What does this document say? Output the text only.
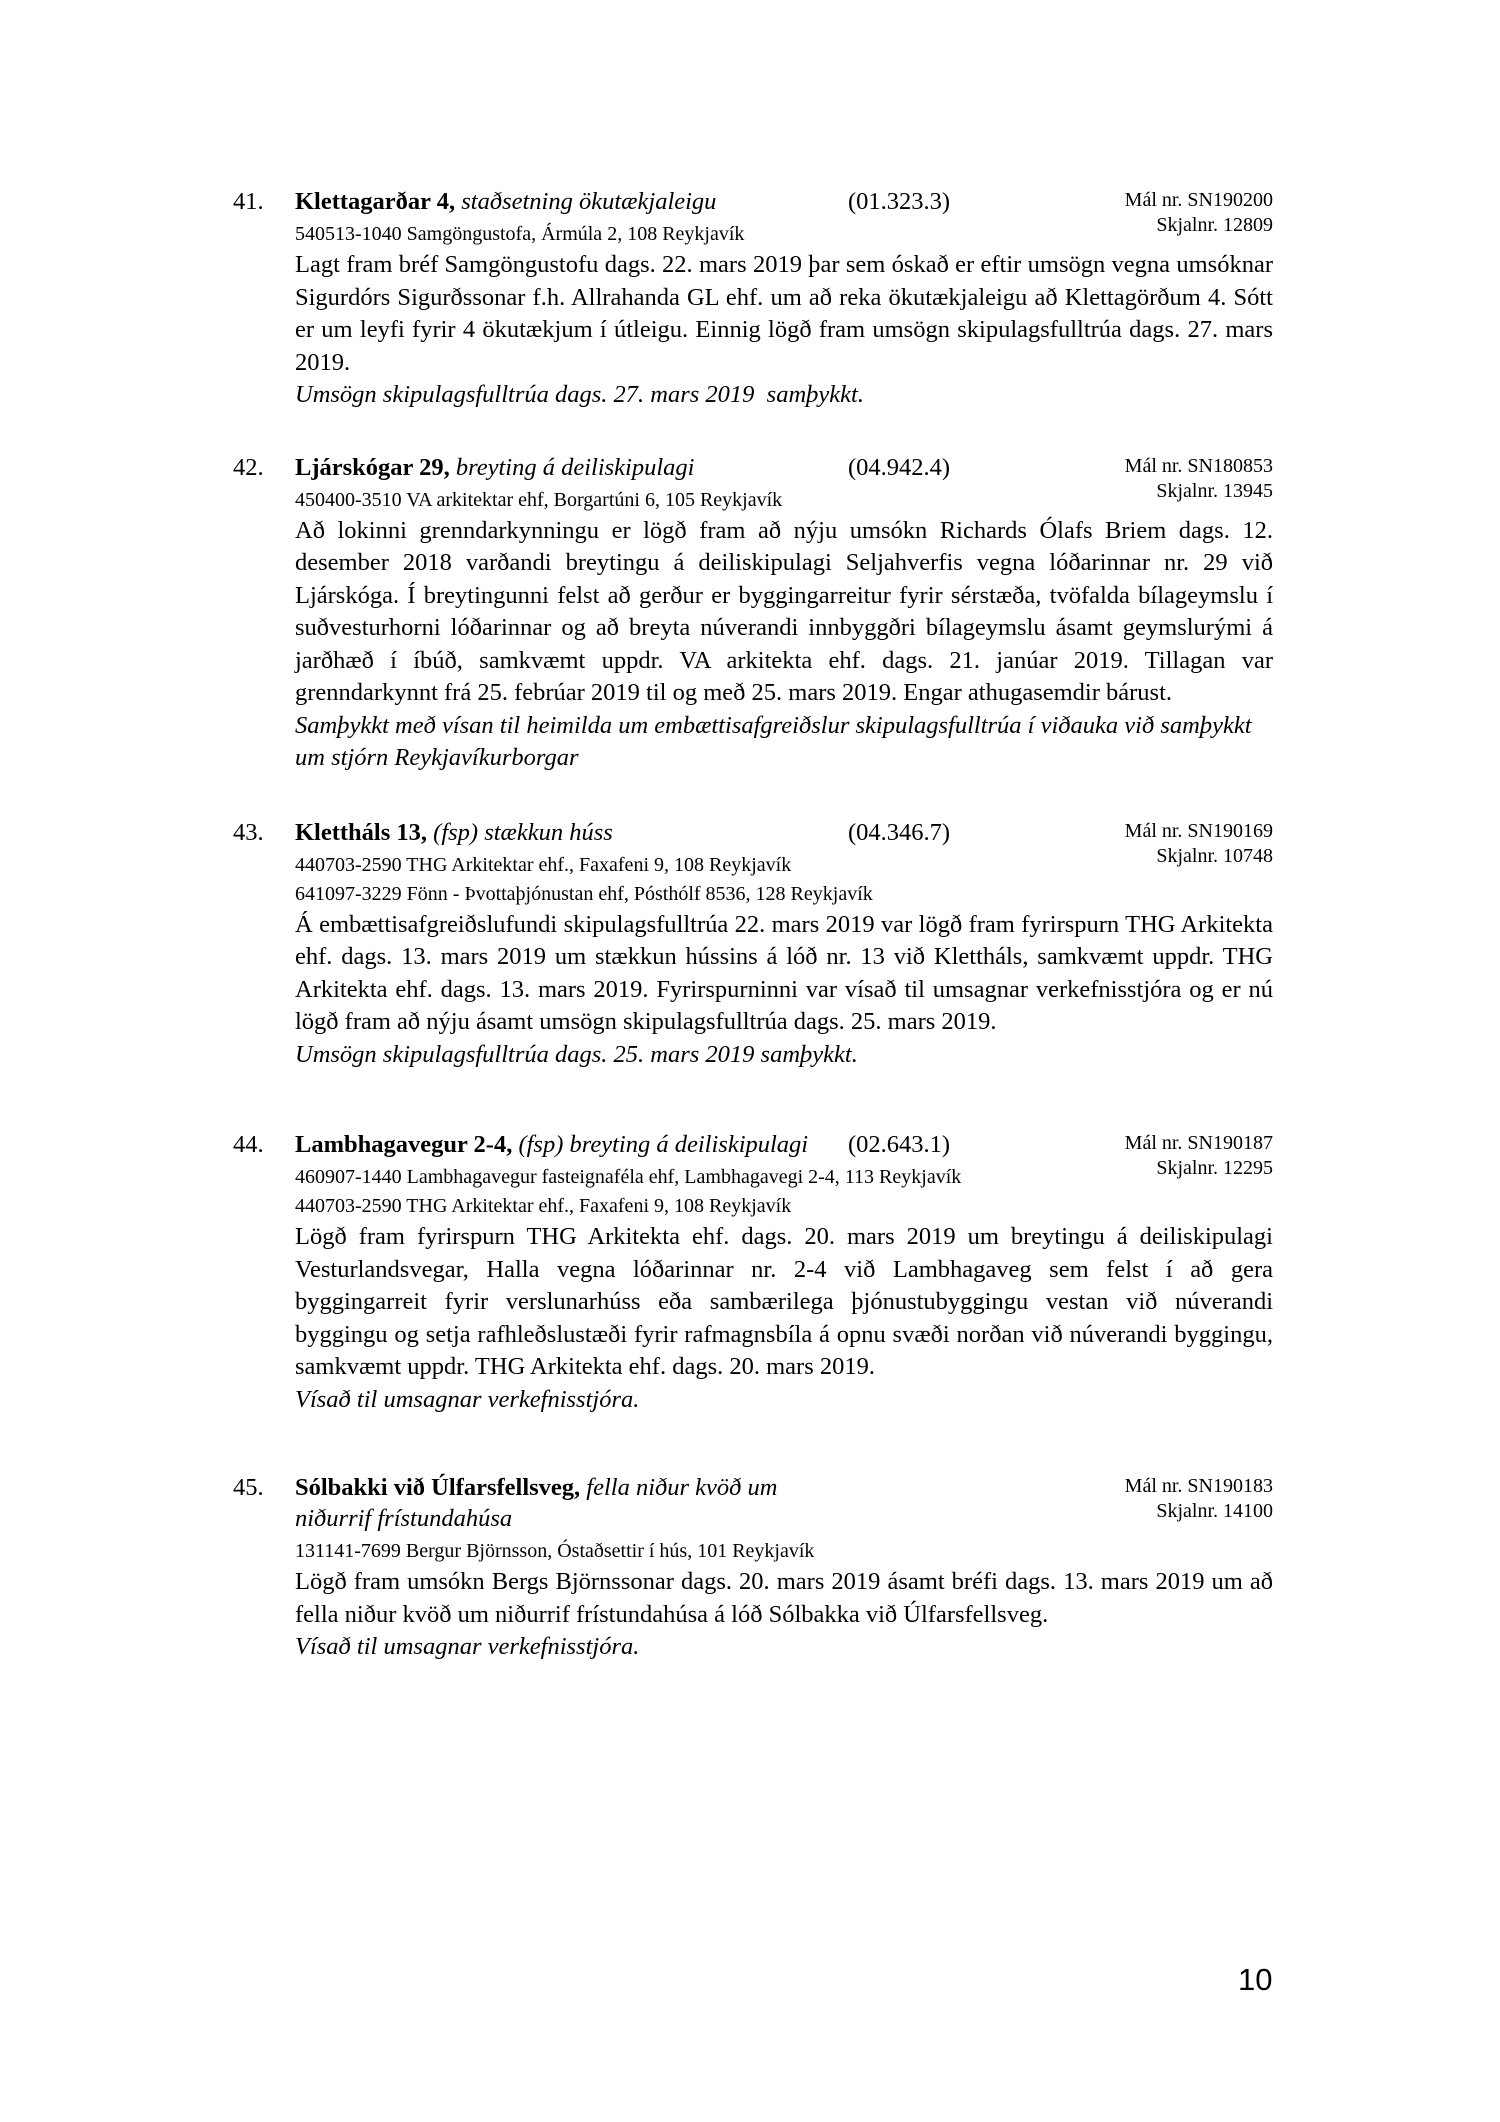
41. Klettagarðar 4, staðsetning ökutækjaleigu	(01.323.3)	Mál nr. SN190200
Skjalnr. 12809
540513-1040 Samgöngustofa, Ármúla 2, 108 Reykjavík

Lagt fram bréf Samgöngustofu dags. 22. mars 2019 þar sem óskað er eftir umsögn vegna umsóknar Sigurdórs Sigurðssonar f.h. Allrahanda GL ehf. um að reka ökutækjaleigu að Klettagörðum 4. Sótt er um leyfi fyrir 4 ökutækjum í útleigu. Einnig lögð fram umsögn skipulagsfulltrúa dags. 27. mars 2019.

Umsögn skipulagsfulltrúa dags. 27. mars 2019  samþykkt.

42. Ljárskógar 29, breyting á deiliskipulagi	(04.942.4)	Mál nr. SN180853
Skjalnr. 13945
450400-3510 VA arkitektar ehf, Borgartúni 6, 105 Reykjavík

Að lokinni grenndarkynningu er lögð fram að nýju umsókn Richards Ólafs Briem dags. 12. desember 2018 varðandi breytingu á deiliskipulagi Seljahverfis vegna lóðarinnar nr. 29 við Ljárskóga. Í breytingunni felst að gerður er byggingarreitur fyrir sérstæða, tvöfalda bílageymslu í suðvesturhorni lóðarinnar og að breyta núverandi innbyggðri bílageymslu ásamt geymslurými á jarðhæð í íbúð, samkvæmt uppdr. VA arkitekta ehf. dags. 21. janúar 2019. Tillagan var grenndarkynnt frá 25. febrúar 2019 til og með 25. mars 2019. Engar athugasemdir bárust.

Samþykkt með vísan til heimilda um embættisafgreiðslur skipulagsfulltrúa í viðauka við samþykkt um stjórn Reykjavíkurborgar

43. Klettháls 13, (fsp) stækkun húss	(04.346.7)	Mál nr. SN190169
Skjalnr. 10748
440703-2590 THG Arkitektar ehf., Faxafeni 9, 108 Reykjavík
641097-3229 Fönn - Þvottaþjónustan ehf, Pósthólf 8536, 128 Reykjavík

Á embættisafgreiðslufundi skipulagsfulltrúa 22. mars 2019 var lögð fram fyrirspurn THG Arkitekta ehf. dags. 13. mars 2019 um stækkun hússins á lóð nr. 13 við Klettháls, samkvæmt uppdr. THG Arkitekta ehf. dags. 13. mars 2019. Fyrirspurninni var vísað til umsagnar verkefnisstjóra og er nú lögð fram að nýju ásamt umsögn skipulagsfulltrúa dags. 25. mars 2019.

Umsögn skipulagsfulltrúa dags. 25. mars 2019 samþykkt.

44. Lambhagavegur 2-4, (fsp) breyting á deiliskipulagi	(02.643.1)	Mál nr. SN190187
Skjalnr. 12295
460907-1440 Lambhagavegur fasteignaféla ehf, Lambhagavegi 2-4, 113 Reykjavík
440703-2590 THG Arkitektar ehf., Faxafeni 9, 108 Reykjavík

Lögð fram fyrirspurn THG Arkitekta ehf. dags. 20. mars 2019 um breytingu á deiliskipulagi Vesturlandsvegar, Halla vegna lóðarinnar nr. 2-4 við Lambhagaveg sem felst í að gera byggingarreit fyrir verslunarhúss eða sambærilega þjónustubyggingu vestan við núverandi byggingu og setja rafhleðslustæði fyrir rafmagnsbíla á opnu svæði norðan við núverandi byggingu, samkvæmt uppdr. THG Arkitekta ehf. dags. 20. mars 2019.

Vísað til umsagnar verkefnisstjóra.

45. Sólbakki við Úlfarsfellsveg, fella niður kvöð um niðurrif frístundahúsa
Mál nr. SN190183
Skjalnr. 14100
131141-7699 Bergur Björnsson, Óstaðsettir í hús, 101 Reykjavík

Lögð fram umsókn Bergs Björnssonar dags. 20. mars 2019 ásamt bréfi dags. 13. mars 2019 um að fella niður kvöð um niðurrif frístundahúsa á lóð Sólbakka við Úlfarsfellsveg.

Vísað til umsagnar verkefnisstjóra.

10
